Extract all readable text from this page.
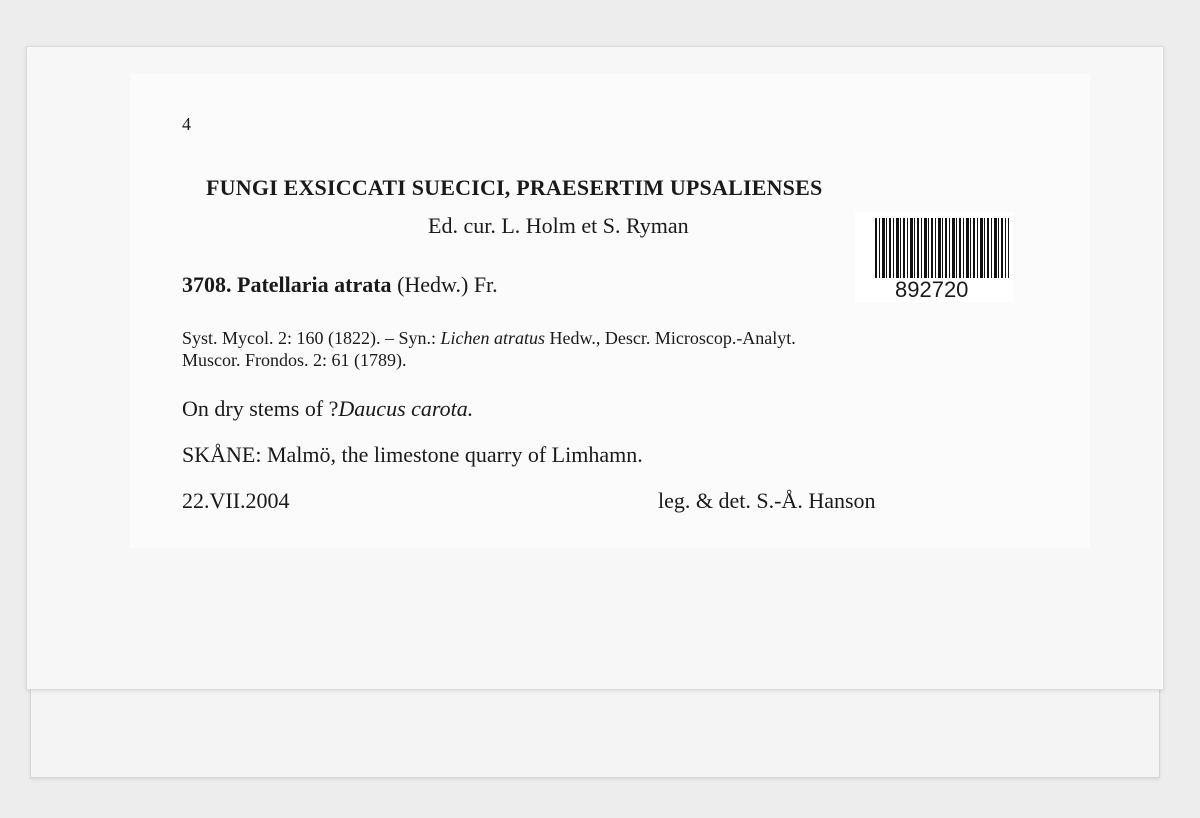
4
FUNGI EXSICCATI SUECICI, PRAESERTIM UPSALIENSES
Ed. cur. L. Holm et S. Ryman
892720
3708. Patellaria atrata (Hedw.) Fr.
Syst. Mycol. 2: 160 (1822). – Syn.: Lichen atratus Hedw., Descr. Microscop.-Analyt.
Muscor. Frondos. 2: 61 (1789).
On dry stems of ?Daucus carota.
SKÅNE: Malmö, the limestone quarry of Limhamn.
22.VII.2004	leg. & det. S.-Å. Hanson
